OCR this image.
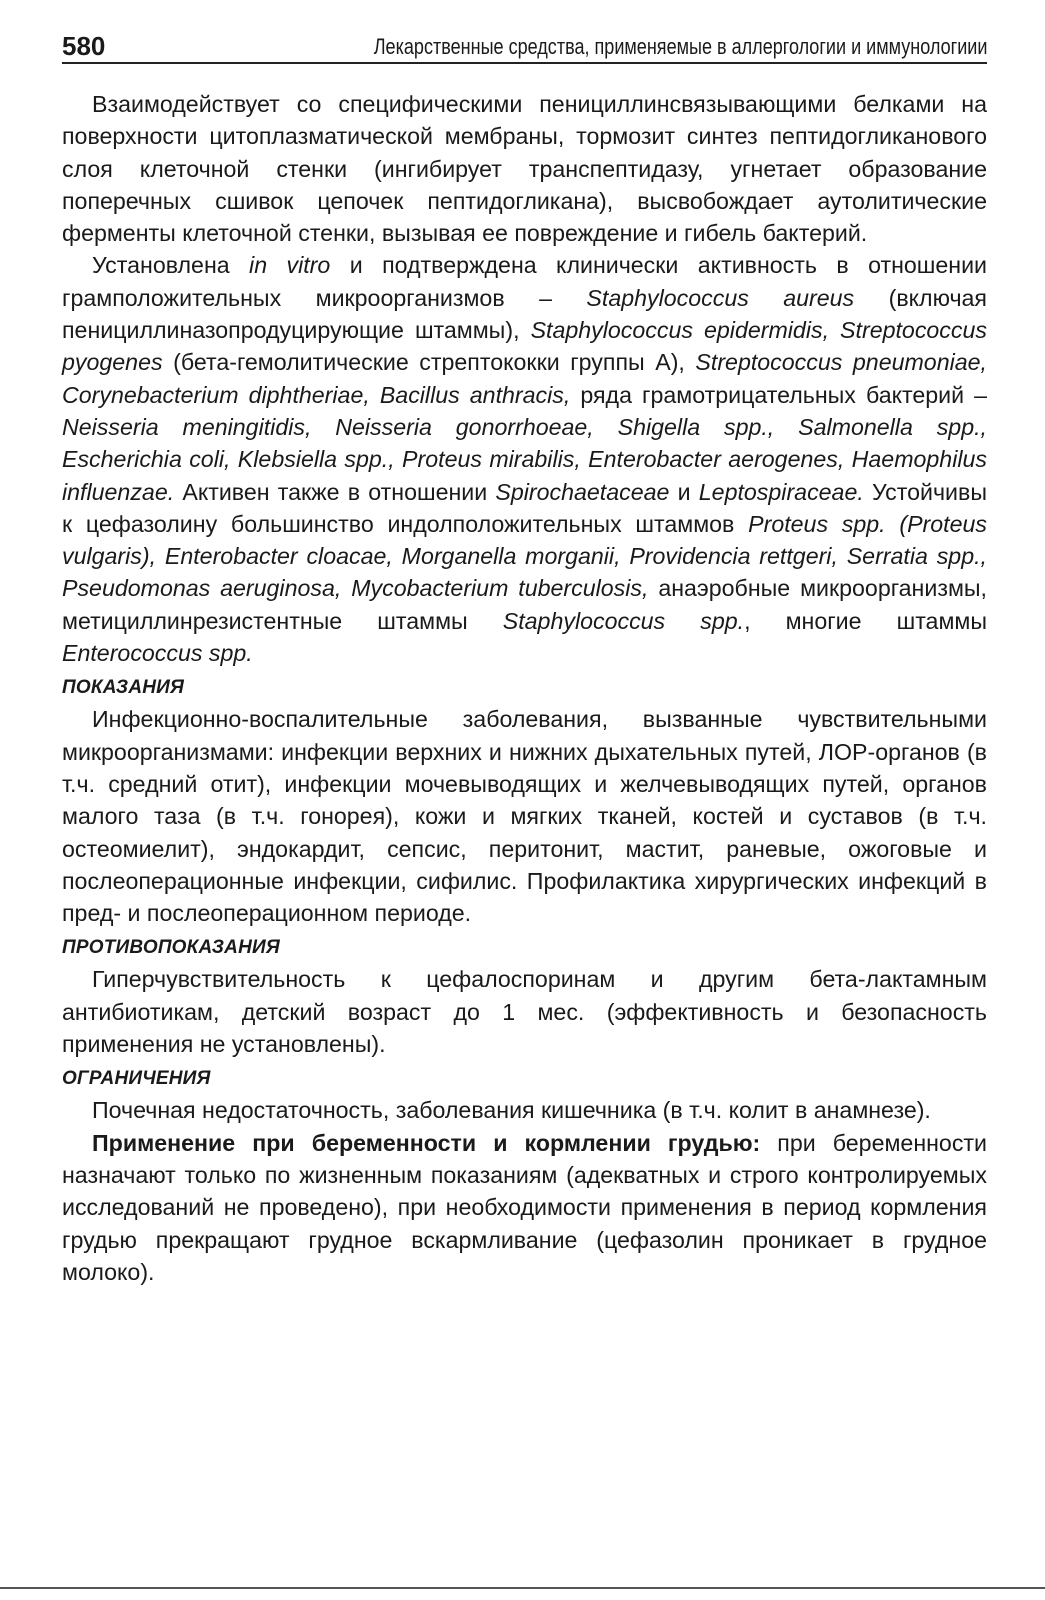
580	Лекарственные средства, применяемые в аллергологии и иммунологиии

Взаимодействует со специфическими пенициллинсвязывающими белками на поверхности цитоплазматической мембраны, тормозит синтез пептидогликанового слоя клеточной стенки (ингибирует транспептидазу, угнетает образование поперечных сшивок цепочек пептидогликана), высвобождает аутолитические ферменты клеточной стенки, вызывая ее повреждение и гибель бактерий.

Установлена in vitro и подтверждена клинически активность в отношении грамположительных микроорганизмов – Staphylococcus aureus (включая пенициллиназопродуцирующие штаммы), Staphylococcus epidermidis, Streptococcus pyogenes (бета-гемолитические стрептококки группы А), Streptococcus pneumoniae, Corynebacterium diphtheriae, Bacillus anthracis, ряда грамотрицательных бактерий – Neisseria meningitidis, Neisseria gonorrhoeae, Shigella spp., Salmonella spp., Escherichia coli, Klebsiella spp., Proteus mirabilis, Enterobacter aerogenes, Haemophilus influenzae. Активен также в отношении Spirochaetaceae и Leptospiraceae. Устойчивы к цефазолину большинство индолположительных штаммов Proteus spp. (Proteus vulgaris), Enterobacter cloacae, Morganella morganii, Providencia rettgeri, Serratia spp., Pseudomonas aeruginosa, Mycobacterium tuberculosis, анаэробные микроорганизмы, метициллинрезистентные штаммы Staphylococcus spp., многие штаммы Enterococcus spp.

ПОКАЗАНИЯ

Инфекционно-воспалительные заболевания, вызванные чувствительными микроорганизмами: инфекции верхних и нижних дыхательных путей, ЛОР-органов (в т.ч. средний отит), инфекции мочевыводящих и желчевыводящих путей, органов малого таза (в т.ч. гонорея), кожи и мягких тканей, костей и суставов (в т.ч. остеомиелит), эндокардит, сепсис, перитонит, мастит, раневые, ожоговые и послеоперационные инфекции, сифилис. Профилактика хирургических инфекций в пред- и послеоперационном периоде.

ПРОТИВОПОКАЗАНИЯ

Гиперчувствительность к цефалоспоринам и другим бета-лактамным антибиотикам, детский возраст до 1 мес. (эффективность и безопасность применения не установлены).

ОГРАНИЧЕНИЯ

Почечная недостаточность, заболевания кишечника (в т.ч. колит в анамнезе).

Применение при беременности и кормлении грудью: при беременности назначают только по жизненным показаниям (адекватных и строго контролируемых исследований не проведено), при необходимости применения в период кормления грудью прекращают грудное вскармливание (цефазолин проникает в грудное молоко).
